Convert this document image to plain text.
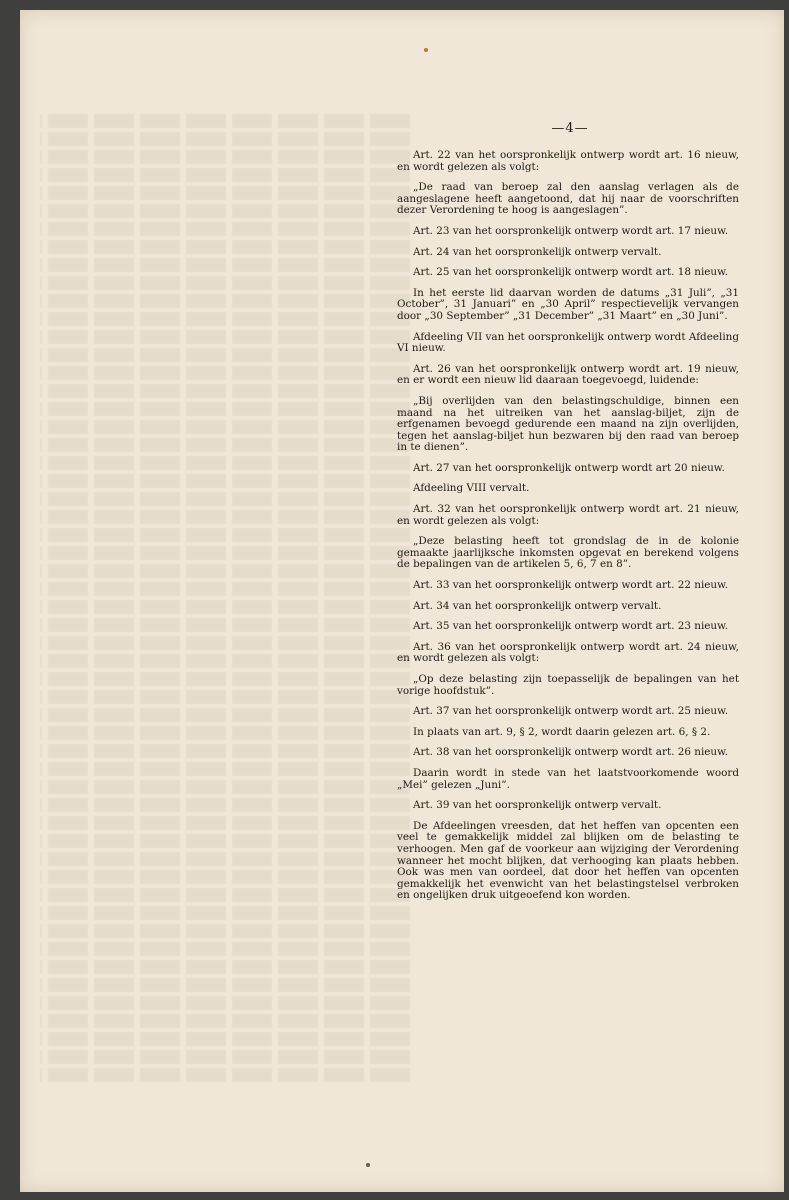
—4—

Art. 22 van het oorspronkelijk ontwerp wordt art. 16 nieuw, en wordt gelezen als volgt:

„De raad van beroep zal den aanslag verlagen als de aangeslagene heeft aangetoond, dat hij naar de voorschriften dezer Verordening te hoog is aangeslagen”.

Art. 23 van het oorspronkelijk ontwerp wordt art. 17 nieuw.

Art. 24 van het oorspronkelijk ontwerp vervalt.

Art. 25 van het oorspronkelijk ontwerp wordt art. 18 nieuw.

In het eerste lid daarvan worden de datums „31 Juli”, „31 October”, 31 Januari” en „30 April” respectievelijk vervangen door „30 September” „31 December” „31 Maart” en „30 Juni”.

Afdeeling VII van het oorspronkelijk ontwerp wordt Afdeeling VI nieuw.

Art. 26 van het oorspronkelijk ontwerp wordt art. 19 nieuw, en er wordt een nieuw lid daaraan toegevoegd, luidende:

„Bij overlijden van den belastingschuldige, binnen een maand na het uitreiken van het aanslag-biljet, zijn de erfgenamen bevoegd gedurende een maand na zijn overlijden, tegen het aanslag-biljet hun bezwaren bij den raad van beroep in te dienen”.

Art. 27 van het oorspronkelijk ontwerp wordt art 20 nieuw.

Afdeeling VIII vervalt.

Art. 32 van het oorspronkelijk ontwerp wordt art. 21 nieuw, en wordt gelezen als volgt:

„Deze belasting heeft tot grondslag de in de kolonie gemaakte jaarlijksche inkomsten opgevat en berekend volgens de bepalingen van de artikelen 5, 6, 7 en 8”.

Art. 33 van het oorspronkelijk ontwerp wordt art. 22 nieuw.

Art. 34 van het oorspronkelijk ontwerp vervalt.

Art. 35 van het oorspronkelijk ontwerp wordt art. 23 nieuw.

Art. 36 van het oorspronkelijk ontwerp wordt art. 24 nieuw, en wordt gelezen als volgt:

„Op deze belasting zijn toepasselijk de bepalingen van het vorige hoofdstuk”.

Art. 37 van het oorspronkelijk ontwerp wordt art. 25 nieuw.

In plaats van art. 9, § 2, wordt daarin gelezen art. 6, § 2.

Art. 38 van het oorspronkelijk ontwerp wordt art. 26 nieuw.

Daarin wordt in stede van het laatstvoorkomende woord „Mei” gelezen „Juni”.

Art. 39 van het oorspronkelijk ontwerp vervalt.

De Afdeelingen vreesden, dat het heffen van opcenten een veel te gemakkelijk middel zal blijken om de belasting te verhoogen. Men gaf de voorkeur aan wijziging der Verordening wanneer het mocht blijken, dat verhooging kan plaats hebben. Ook was men van oordeel, dat door het heffen van opcenten gemakkelijk het evenwicht van het belastingstelsel verbroken en ongelijken druk uitgeoefend kon worden.
